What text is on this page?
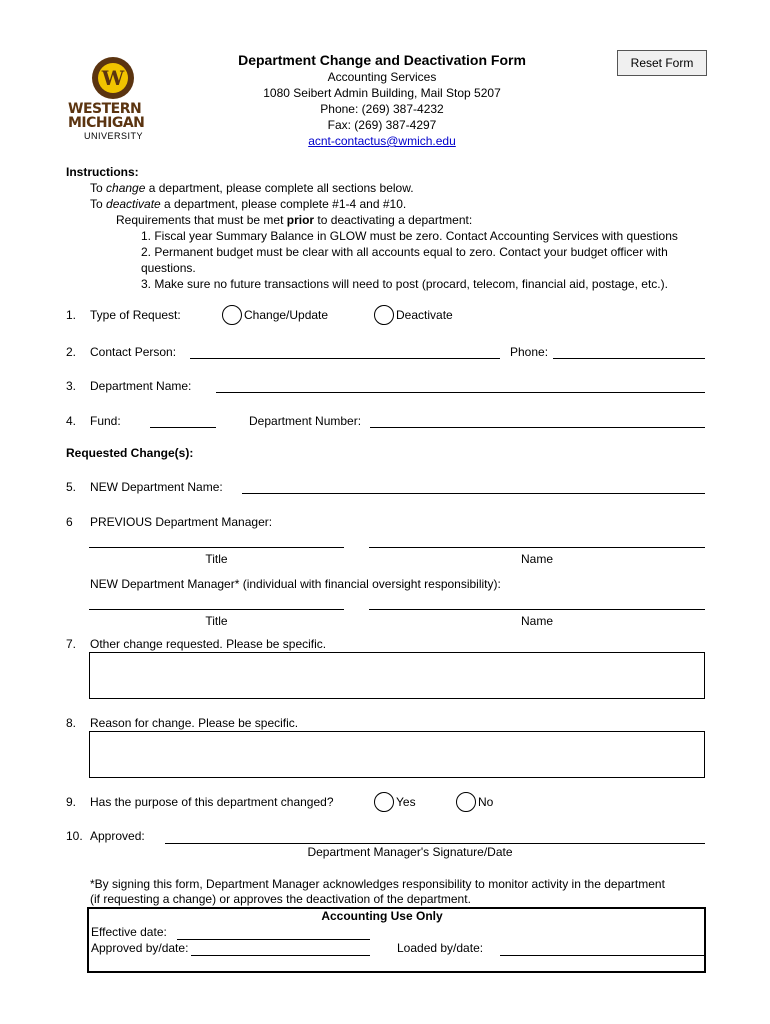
W
WESTERN
MICHIGAN
UNIVERSITY
Department Change and Deactivation Form
Accounting Services
1080 Seibert Admin Building, Mail Stop 5207
Phone: (269) 387-4232
Fax: (269) 387-4297
acnt-contactus@wmich.edu
Reset Form
Instructions:
To change a department, please complete all sections below.
To deactivate a department, please complete #1-4 and #10.
Requirements that must be met prior to deactivating a department:
1. Fiscal year Summary Balance in GLOW must be zero. Contact Accounting Services with questions
2. Permanent budget must be clear with all accounts equal to zero. Contact your budget officer with
questions.
3. Make sure no future transactions will need to post (procard, telecom, financial aid, postage, etc.).
1. Type of Request:	Change/Update	Deactivate
2. Contact Person:	Phone:
3. Department Name:
4. Fund:	Department Number:
Requested Change(s):
5. NEW Department Name:
6 PREVIOUS Department Manager:
Title	Name
NEW Department Manager* (individual with financial oversight responsibility):
Title	Name
7. Other change requested. Please be specific.
8. Reason for change. Please be specific.
9. Has the purpose of this department changed?	Yes	No
10. Approved:
Department Manager's Signature/Date
*By signing this form, Department Manager acknowledges responsibility to monitor activity in the department
(if requesting a change) or approves the deactivation of the department.
Accounting Use Only
Effective date:
Approved by/date:	Loaded by/date:
